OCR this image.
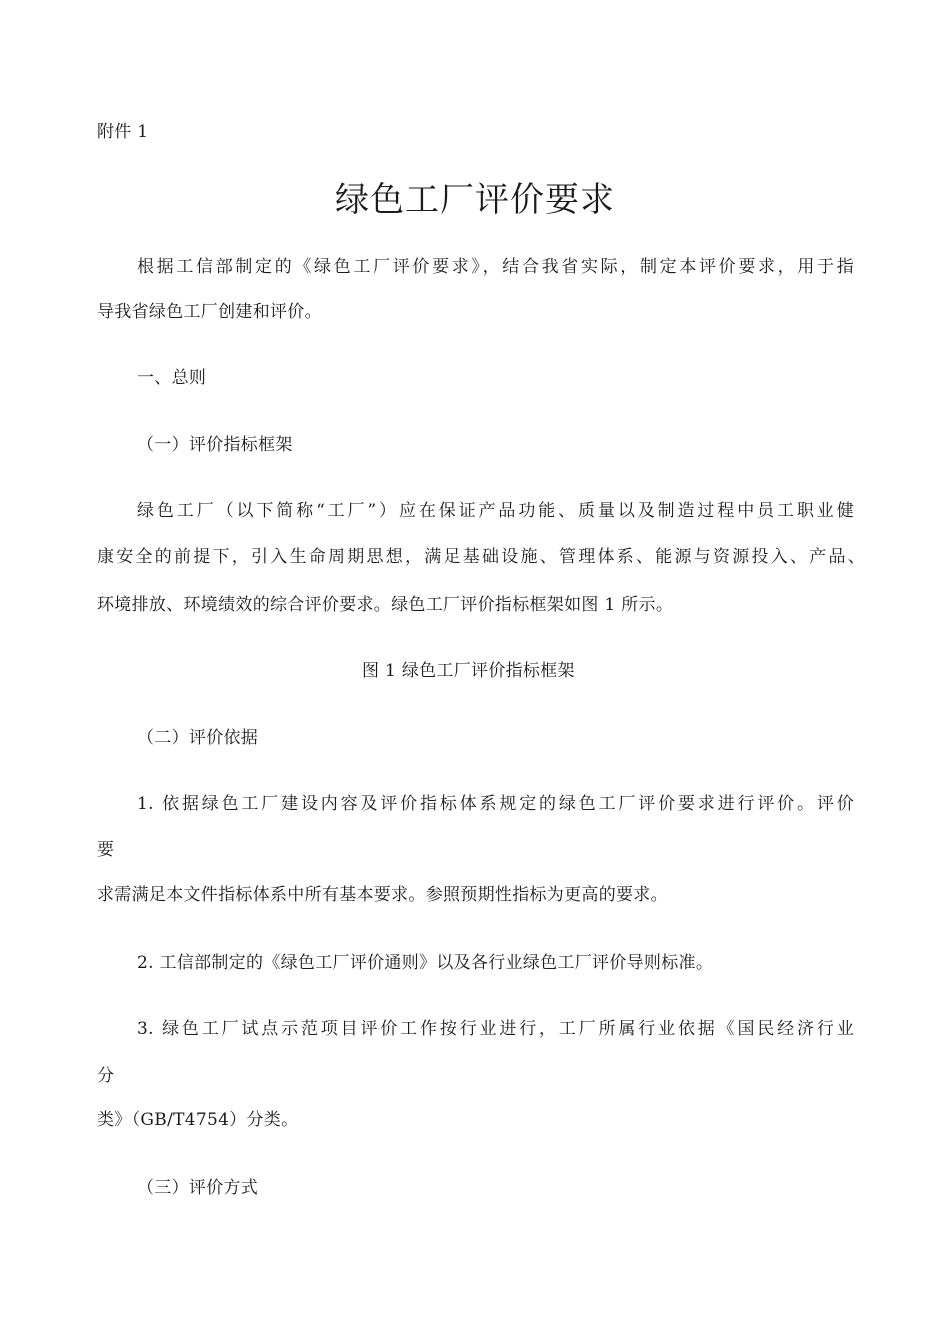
附件 1
绿色工厂评价要求
根据工信部制定的《绿色工厂评价要求》，结合我省实际，制定本评价要求，用于指
导我省绿色工厂创建和评价。
一、总则
（一）评价指标框架
绿色工厂（以下简称“工厂”）应在保证产品功能、质量以及制造过程中员工职业健
康安全的前提下，引入生命周期思想，满足基础设施、管理体系、能源与资源投入、产品、
环境排放、环境绩效的综合评价要求。绿色工厂评价指标框架如图 1 所示。
图 1 绿色工厂评价指标框架
（二）评价依据
1. 依据绿色工厂建设内容及评价指标体系规定的绿色工厂评价要求进行评价。评价
要
求需满足本文件指标体系中所有基本要求。参照预期性指标为更高的要求。
2. 工信部制定的《绿色工厂评价通则》以及各行业绿色工厂评价导则标准。
3. 绿色工厂试点示范项目评价工作按行业进行，工厂所属行业依据《国民经济行业
分
类》（GB/T4754）分类。
（三）评价方式
